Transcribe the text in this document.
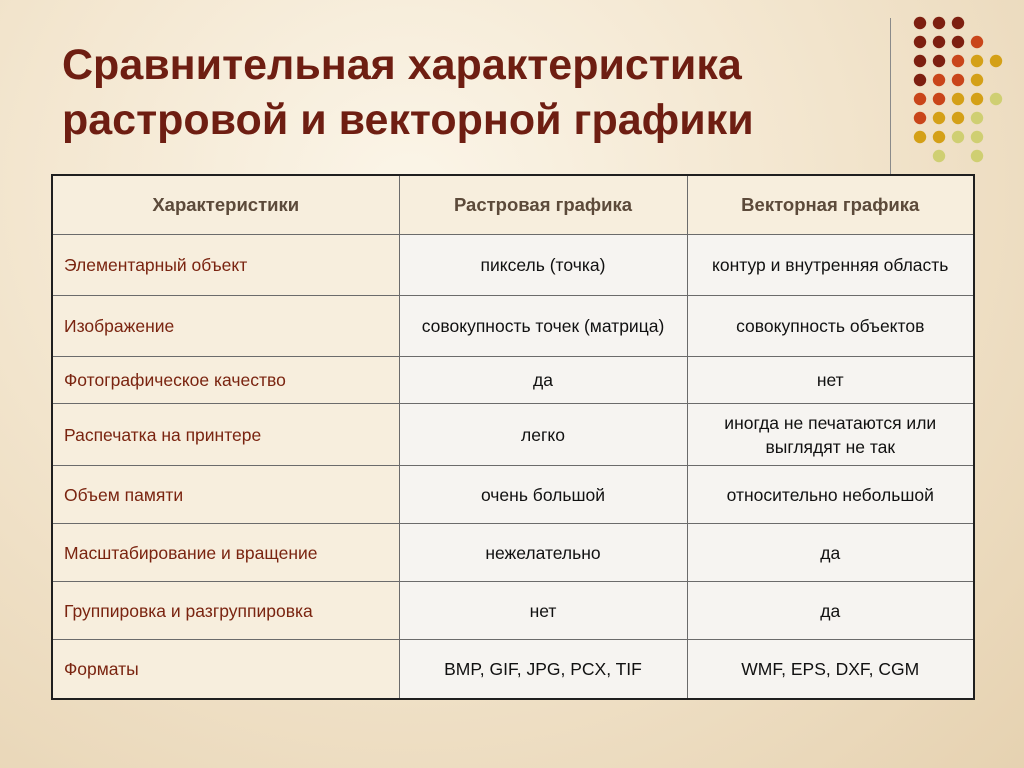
Сравнительная характеристика
растровой и векторной графики
Характеристики	Растровая графика	Векторная графика
Элементарный объект	пиксель (точка)	контур и внутренняя область
Изображение	совокупность точек (матрица)	совокупность объектов
Фотографическое качество	да	нет
Распечатка на принтере	легко	иногда не печатаются или выглядят не так
Объем памяти	очень большой	относительно небольшой
Масштабирование и вращение	нежелательно	да
Группировка и разгруппировка	нет	да
Форматы	BMP, GIF, JPG, PCX, TIF	WMF, EPS, DXF, CGM
